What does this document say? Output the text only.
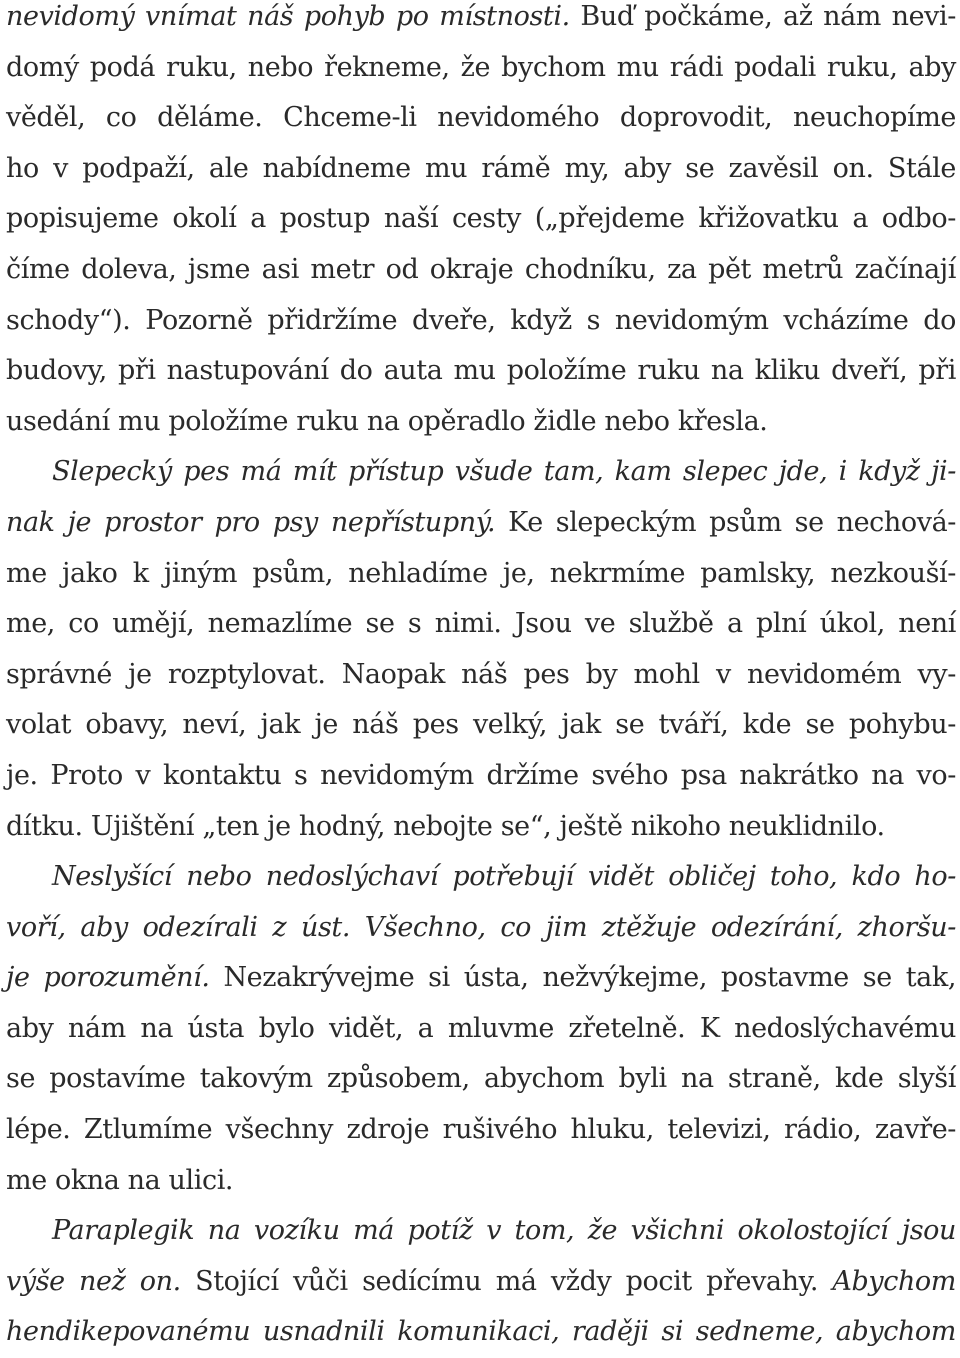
nevidomý vnímat náš pohyb po místnosti. Buď počkáme, až nám nevi-
domý podá ruku, nebo řekneme, že bychom mu rádi podali ruku, aby
věděl, co děláme. Chceme-li nevidomého doprovodit, neuchopíme
ho v podpaží, ale nabídneme mu rámě my, aby se zavěsil on. Stále
popisujeme okolí a postup naší cesty („přejdeme křižovatku a odbo-
číme doleva, jsme asi metr od okraje chodníku, za pět metrů začínají
schody“). Pozorně přidržíme dveře, když s nevidomým vcházíme do
budovy, při nastupování do auta mu položíme ruku na kliku dveří, při
usedání mu položíme ruku na opěradlo židle nebo křesla.
Slepecký pes má mít přístup všude tam, kam slepec jde, i když ji-
nak je prostor pro psy nepřístupný. Ke slepeckým psům se nechová-
me jako k jiným psům, nehladíme je, nekrmíme pamlsky, nezkouší-
me, co umějí, nemazlíme se s nimi. Jsou ve službě a plní úkol, není
správné je rozptylovat. Naopak náš pes by mohl v nevidomém vy-
volat obavy, neví, jak je náš pes velký, jak se tváří, kde se pohybu-
je. Proto v kontaktu s nevidomým držíme svého psa nakrátko na vo-
dítku. Ujištění „ten je hodný, nebojte se“, ještě nikoho neuklidnilo.
Neslyšící nebo nedoslýchaví potřebují vidět obličej toho, kdo ho-
voří, aby odezírali z úst. Všechno, co jim ztěžuje odezírání, zhoršu-
je porozumění. Nezakrývejme si ústa, nežvýkejme, postavme se tak,
aby nám na ústa bylo vidět, a mluvme zřetelně. K nedoslýchavému
se postavíme takovým způsobem, abychom byli na straně, kde slyší
lépe. Ztlumíme všechny zdroje rušivého hluku, televizi, rádio, zavře-
me okna na ulici.
Paraplegik na vozíku má potíž v tom, že všichni okolostojící jsou
výše než on. Stojící vůči sedícímu má vždy pocit převahy. Abychom
hendikepovanému usnadnili komunikaci, raději si sedneme, abychom
